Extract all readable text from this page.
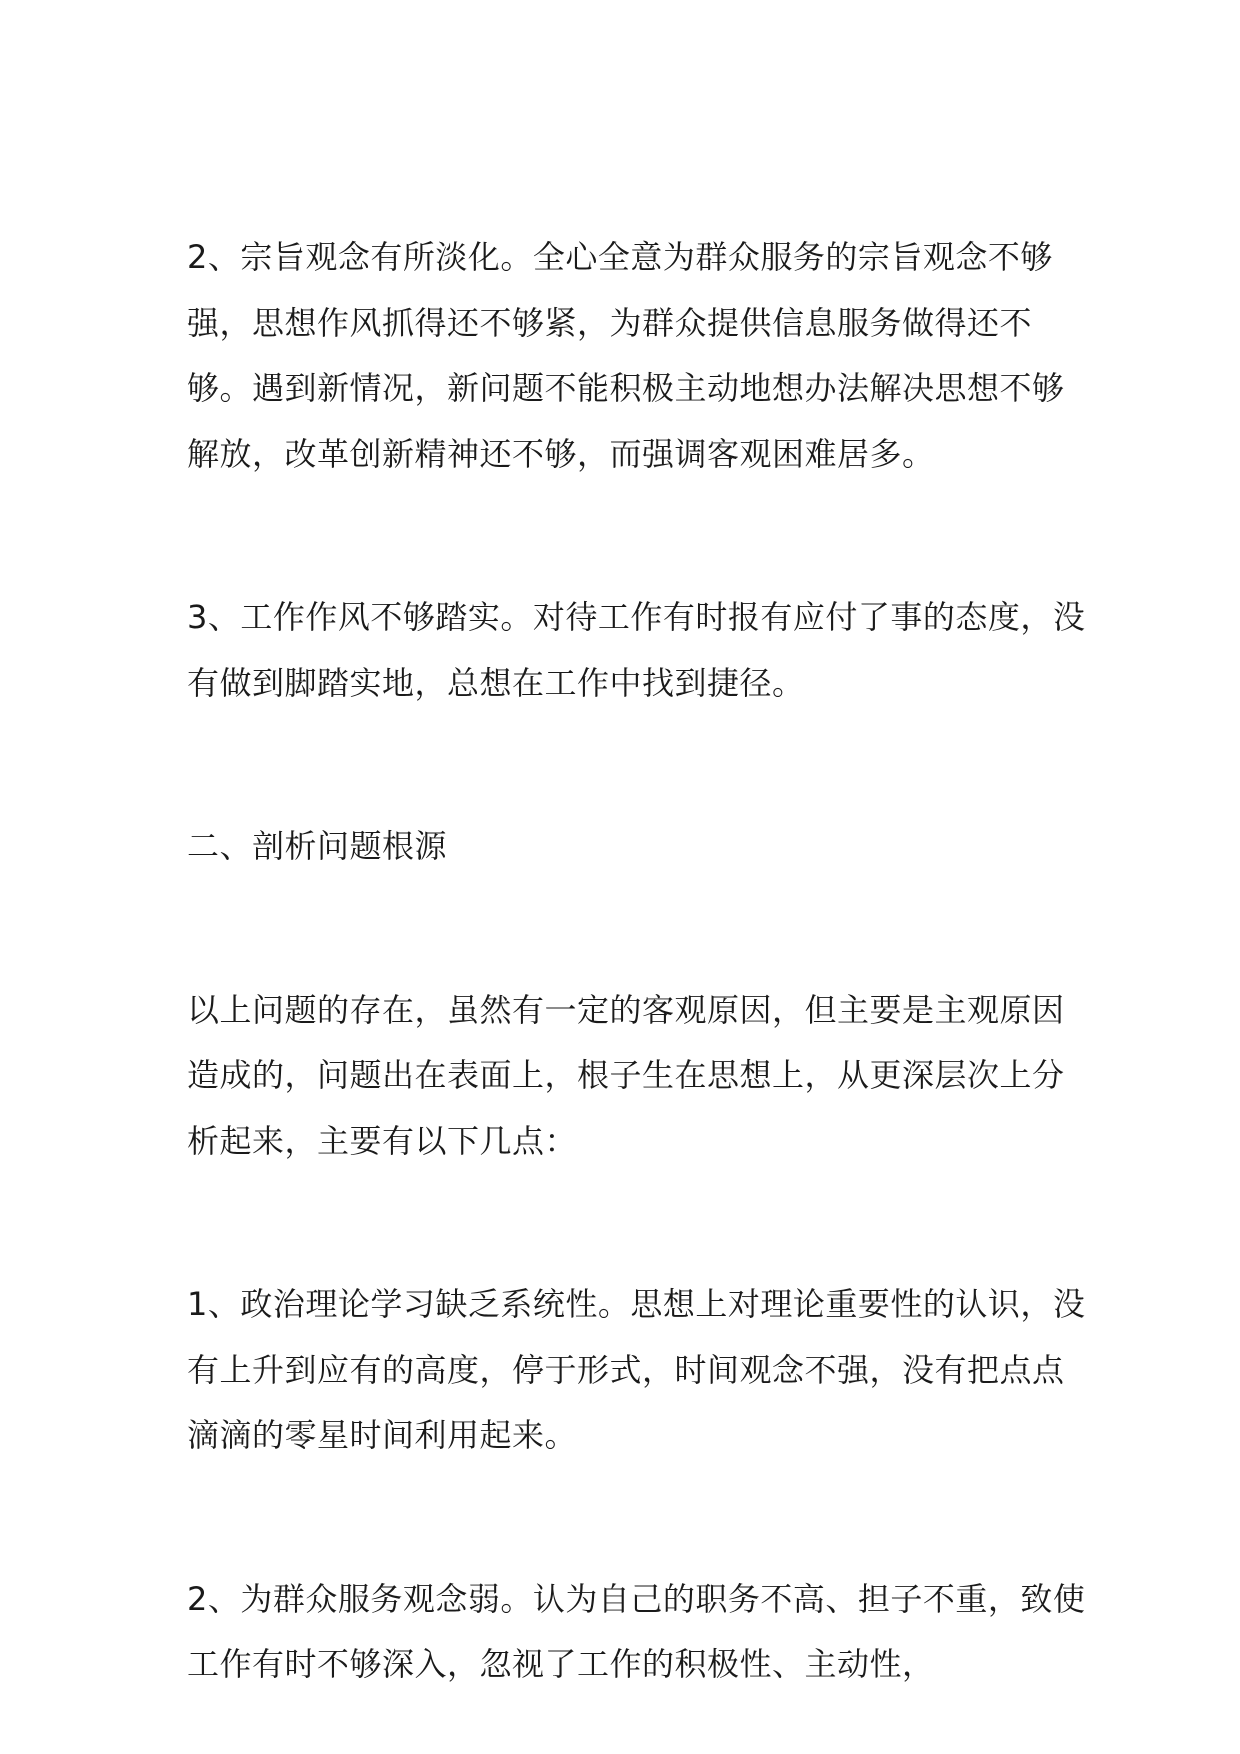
2、宗旨观念有所淡化。全心全意为群众服务的宗旨观念不够强，思想作风抓得还不够紧，为群众提供信息服务做得还不够。遇到新情况，新问题不能积极主动地想办法解决思想不够解放，改革创新精神还不够，而强调客观困难居多。

3、工作作风不够踏实。对待工作有时报有应付了事的态度，没有做到脚踏实地，总想在工作中找到捷径。

二、剖析问题根源

以上问题的存在，虽然有一定的客观原因，但主要是主观原因造成的，问题出在表面上，根子生在思想上，从更深层次上分析起来，主要有以下几点：

1、政治理论学习缺乏系统性。思想上对理论重要性的认识，没有上升到应有的高度，停于形式，时间观念不强，没有把点点滴滴的零星时间利用起来。

2、为群众服务观念弱。认为自己的职务不高、担子不重，致使工作有时不够深入，忽视了工作的积极性、主动性，
